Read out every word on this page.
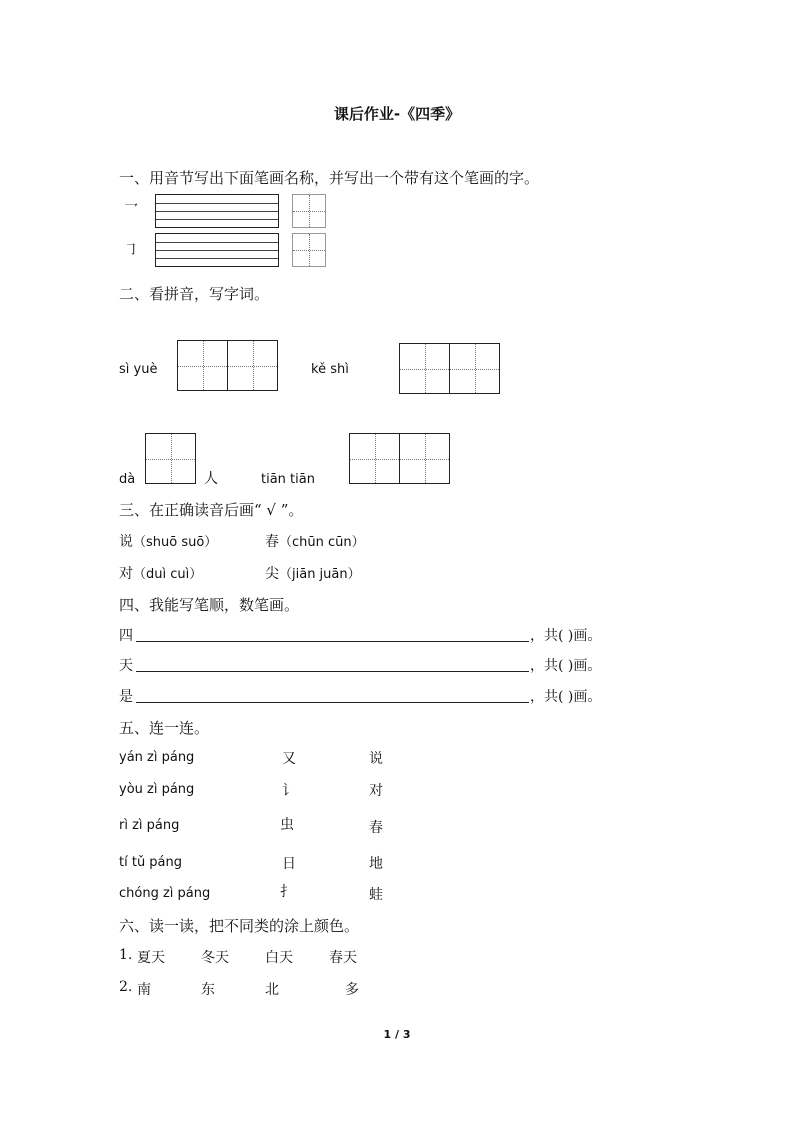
课后作业-《四季》
一、用音节写出下面笔画名称，并写出一个带有这个笔画的字。
乛
㇆
二、看拼音，写字词。
sì yuè	kě shì
dà	人	tiān tiān
三、在正确读音后画“ √ ”。
说（shuō suō）	春（chūn cūn）
对（duì cuì）	尖（jiān juān）
四、我能写笔顺，数笔画。
四	，共( )画。
天	，共( )画。
是	，共( )画。
五、连一连。
yán zì páng	又	说
yòu zì páng	讠	对
rì zì páng	虫	春
tí tǔ páng	日	地
chóng zì páng	扌	蛙
六、读一读，把不同类的涂上颜色。
1. 夏天	冬天	白天	春天
2. 南	东	北	多
1 / 3
